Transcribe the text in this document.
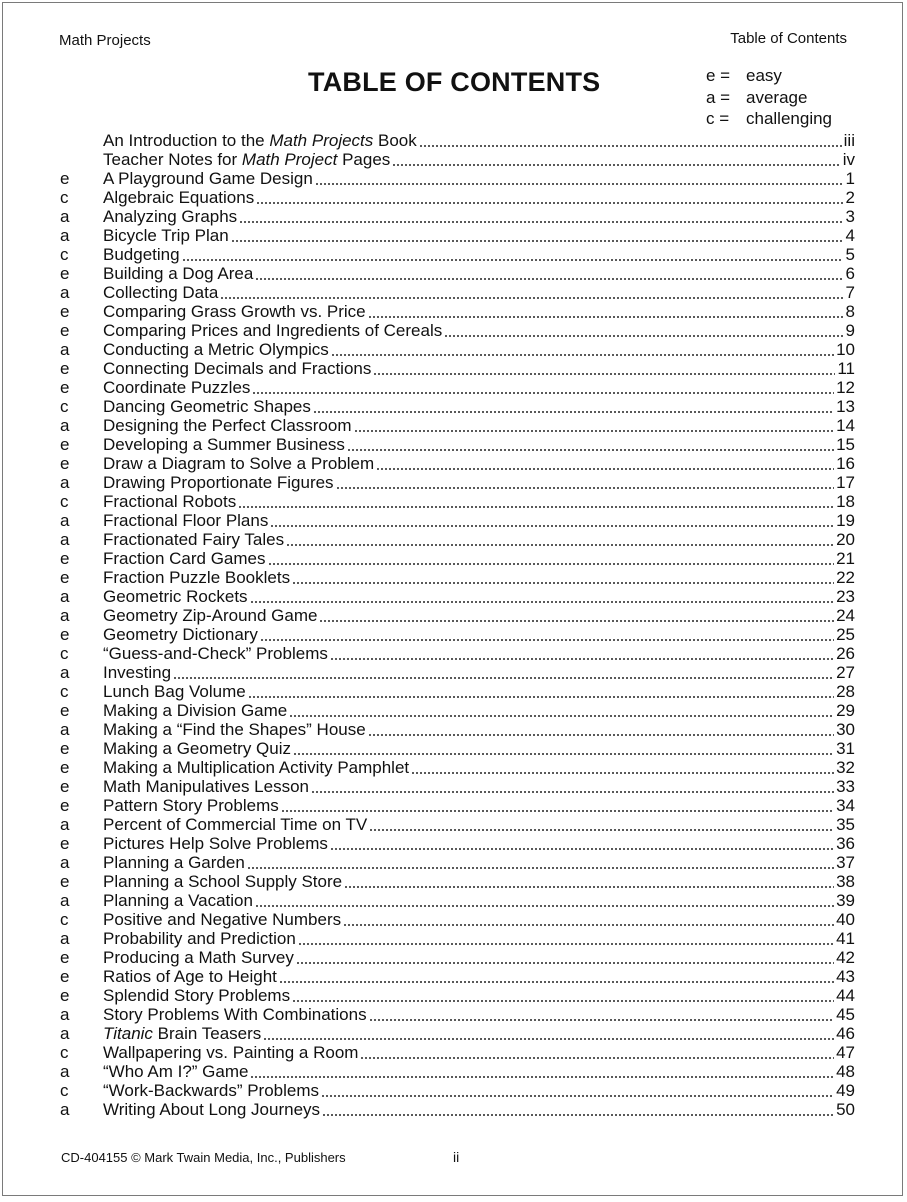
Math Projects	Table of Contents
TABLE OF CONTENTS	e = easy
a = average
c = challenging
An Introduction to the Math Projects Book	iii
Teacher Notes for Math Project Pages	iv
e	A Playground Game Design	1
c	Algebraic Equations	2
a	Analyzing Graphs	3
a	Bicycle Trip Plan	4
c	Budgeting	5
e	Building a Dog Area	6
a	Collecting Data	7
e	Comparing Grass Growth vs. Price	8
e	Comparing Prices and Ingredients of Cereals	9
a	Conducting a Metric Olympics	10
e	Connecting Decimals and Fractions	11
e	Coordinate Puzzles	12
c	Dancing Geometric Shapes	13
a	Designing the Perfect Classroom	14
e	Developing a Summer Business	15
e	Draw a Diagram to Solve a Problem	16
a	Drawing Proportionate Figures	17
c	Fractional Robots	18
a	Fractional Floor Plans	19
a	Fractionated Fairy Tales	20
e	Fraction Card Games	21
e	Fraction Puzzle Booklets	22
a	Geometric Rockets	23
a	Geometry Zip-Around Game	24
e	Geometry Dictionary	25
c	“Guess-and-Check” Problems	26
a	Investing	27
c	Lunch Bag Volume	28
e	Making a Division Game	29
a	Making a “Find the Shapes” House	30
e	Making a Geometry Quiz	31
e	Making a Multiplication Activity Pamphlet	32
e	Math Manipulatives Lesson	33
e	Pattern Story Problems	34
a	Percent of Commercial Time on TV	35
e	Pictures Help Solve Problems	36
a	Planning a Garden	37
e	Planning a School Supply Store	38
a	Planning a Vacation	39
c	Positive and Negative Numbers	40
a	Probability and Prediction	41
e	Producing a Math Survey	42
e	Ratios of Age to Height	43
e	Splendid Story Problems	44
a	Story Problems With Combinations	45
a	Titanic Brain Teasers	46
c	Wallpapering vs. Painting a Room	47
a	“Who Am I?” Game	48
c	“Work-Backwards” Problems	49
a	Writing About Long Journeys	50
CD-404155 © Mark Twain Media, Inc., Publishers	ii
